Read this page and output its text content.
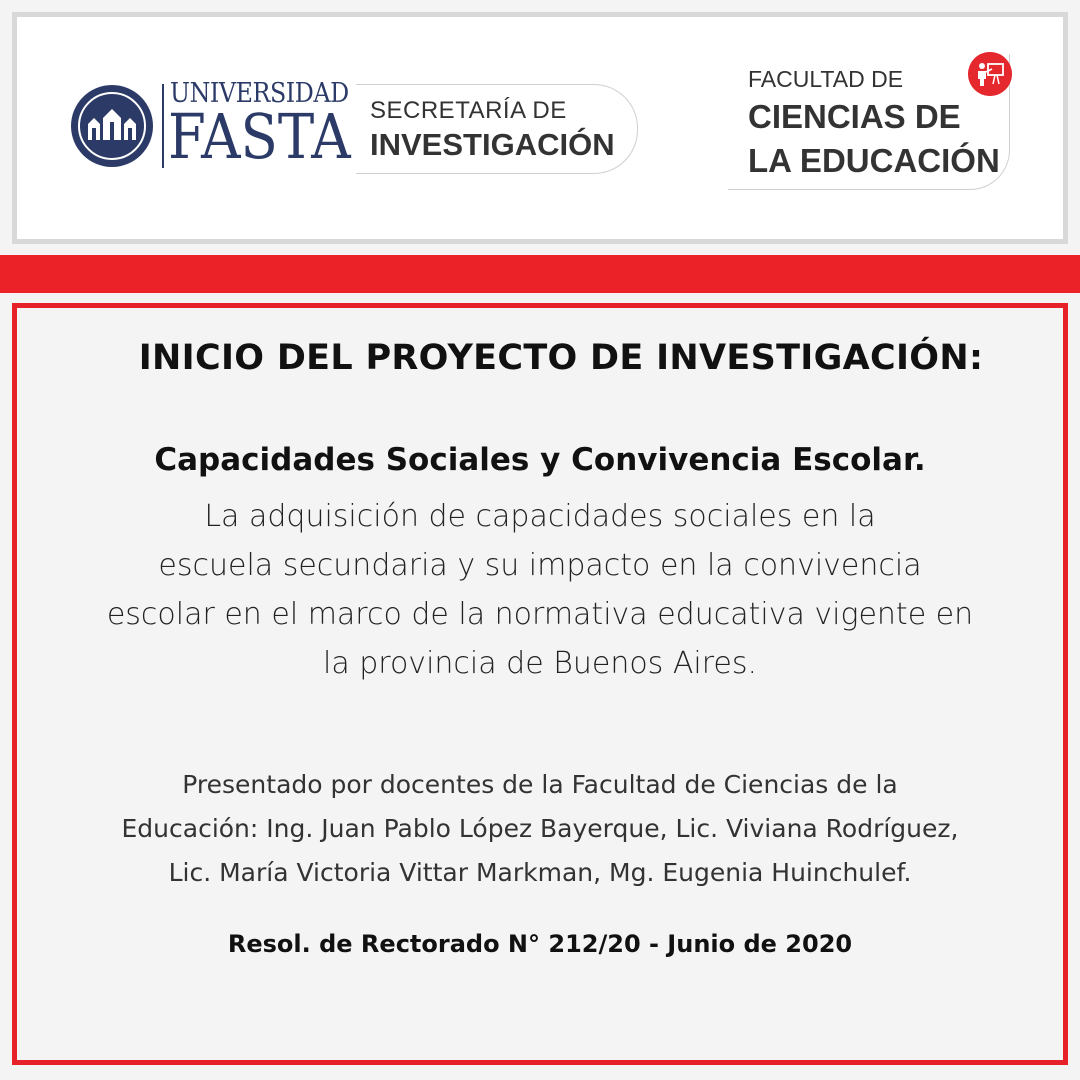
UNIVERSIDAD
FASTA SECRETARÍA DE
INVESTIGACIÓN
FACULTAD DE
CIENCIAS DE
LA EDUCACIÓN
INICIO DEL PROYECTO DE INVESTIGACIÓN:
Capacidades Sociales y Convivencia Escolar.
La adquisición de capacidades sociales en la
escuela secundaria y su impacto en la convivencia
escolar en el marco de la normativa educativa vigente en
la provincia de Buenos Aires.
Presentado por docentes de la Facultad de Ciencias de la
Educación: Ing. Juan Pablo López Bayerque, Lic. Viviana Rodríguez,
Lic. María Victoria Vittar Markman, Mg. Eugenia Huinchulef.
Resol. de Rectorado N° 212/20 - Junio de 2020
